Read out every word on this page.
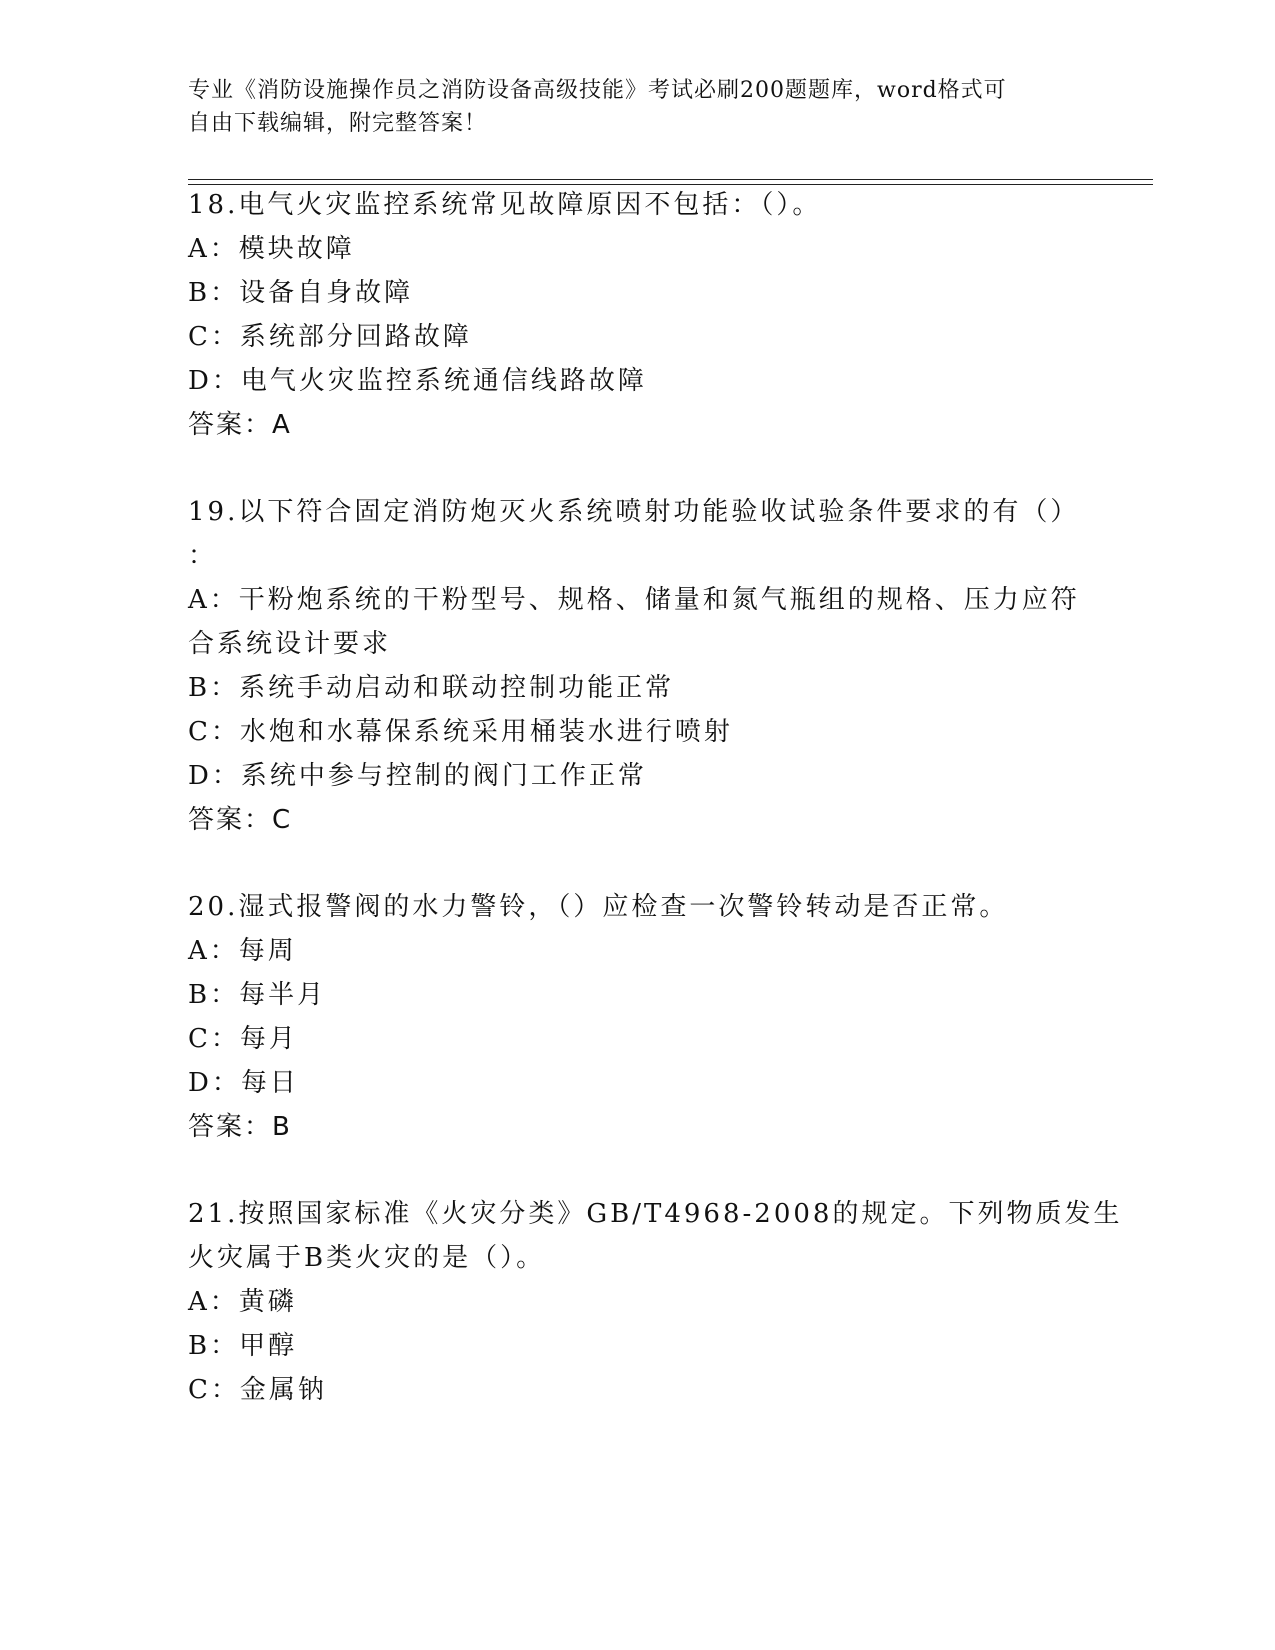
专业《消防设施操作员之消防设备高级技能》考试必刷200题题库，word格式可
自由下载编辑，附完整答案！
18.电气火灾监控系统常见故障原因不包括：（）。
A：模块故障
B：设备自身故障
C：系统部分回路故障
D：电气火灾监控系统通信线路故障
答案：A
19.以下符合固定消防炮灭火系统喷射功能验收试验条件要求的有（）
：
A：干粉炮系统的干粉型号、规格、储量和氮气瓶组的规格、压力应符
合系统设计要求
B：系统手动启动和联动控制功能正常
C：水炮和水幕保系统采用桶装水进行喷射
D：系统中参与控制的阀门工作正常
答案：C
20.湿式报警阀的水力警铃，（）应检查一次警铃转动是否正常。
A：每周
B：每半月
C：每月
D：每日
答案：B
21.按照国家标准《火灾分类》GB/T4968-2008的规定。下列物质发生
火灾属于B类火灾的是（）。
A：黄磷
B：甲醇
C：金属钠
